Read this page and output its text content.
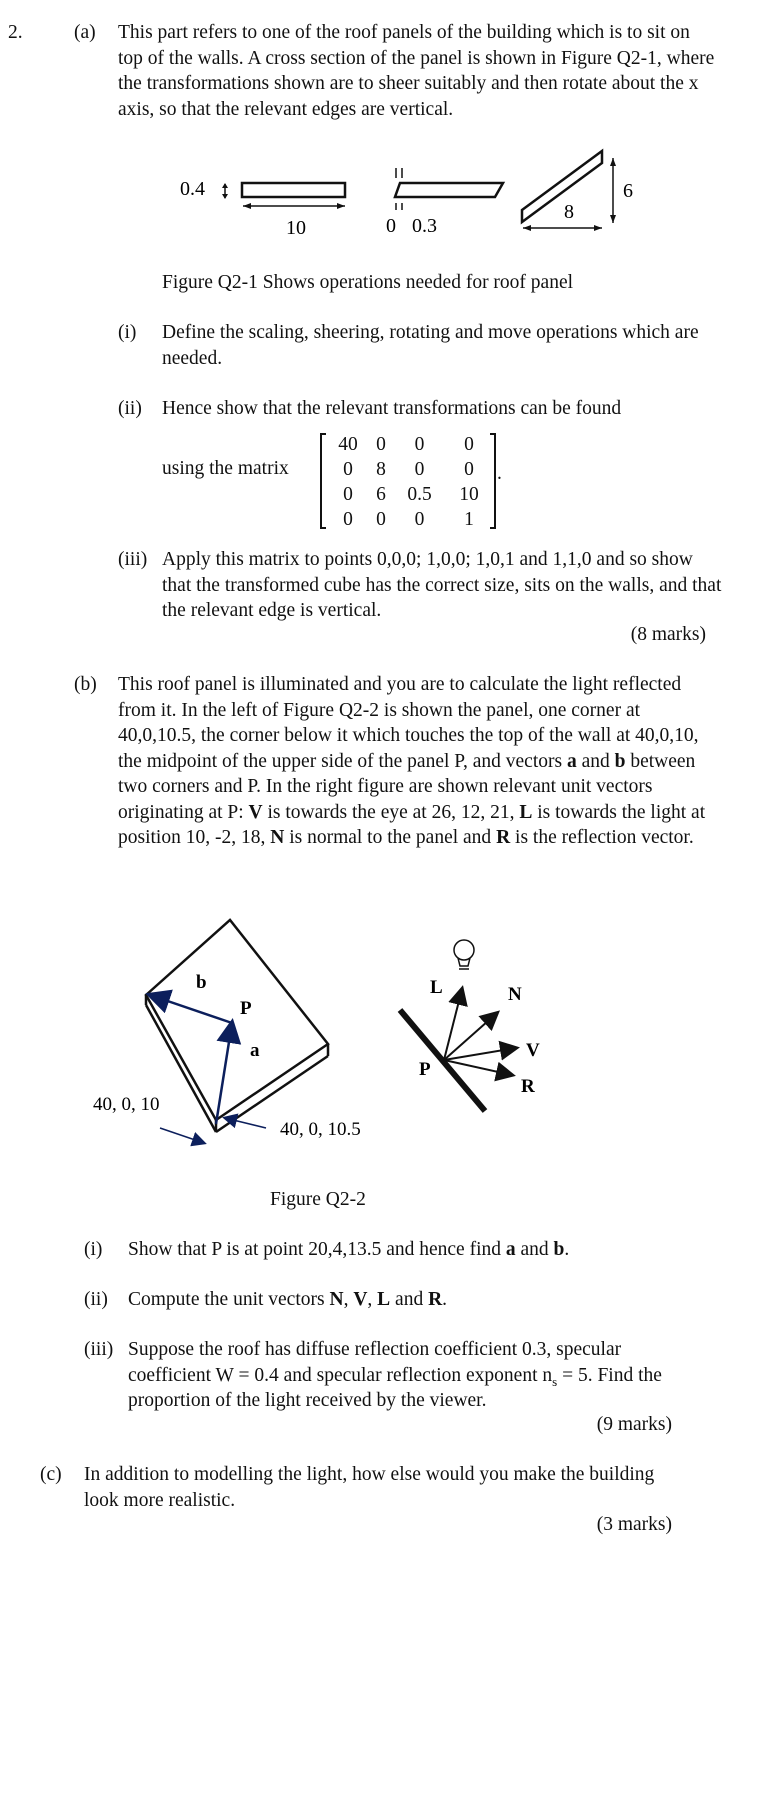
2.	(a) This part refers to one of the roof panels of the building which is to sit on top of the walls. A cross section of the panel is shown in Figure Q2-1, where the transformations shown are to sheer suitably and then rotate about the x axis, so that the relevant edges are vertical.
0.4
10	0 0.3
8
6
Figure Q2-1 Shows operations needed for roof panel
(i) Define the scaling, sheering, rotating and move operations which are needed.
(ii) Hence show that the relevant transformations can be found
using the matrix
40	0	0	0
0	8	0	0
0	6	0.5	10
0	0	0	1
.
(iii) Apply this matrix to points 0,0,0; 1,0,0; 1,0,1 and 1,1,0 and so show that the transformed cube has the correct size, sits on the walls, and that the relevant edge is vertical.
(8 marks)
(b) This roof panel is illuminated and you are to calculate the light reflected from it. In the left of Figure Q2-2 is shown the panel, one corner at 40,0,10.5, the corner below it which touches the top of the wall at 40,0,10, the midpoint of the upper side of the panel P, and vectors a and b between two corners and P. In the right figure are shown relevant unit vectors originating at P: V is towards the eye at 26, 12, 21, L is towards the light at position 10, -2, 18, N is normal to the panel and R is the reflection vector.
b
P
a
40, 0, 10
40, 0, 10.5
L	N
V
R
P
Figure Q2-2
(i) Show that P is at point 20,4,13.5 and hence find a and b.
(ii) Compute the unit vectors N, V, L and R.
(iii) Suppose the roof has diffuse reflection coefficient 0.3, specular coefficient W = 0.4 and specular reflection exponent $n_s = 5$. Find the proportion of the light received by the viewer.
(9 marks)
(c) In addition to modelling the light, how else would you make the building look more realistic.
(3 marks)
